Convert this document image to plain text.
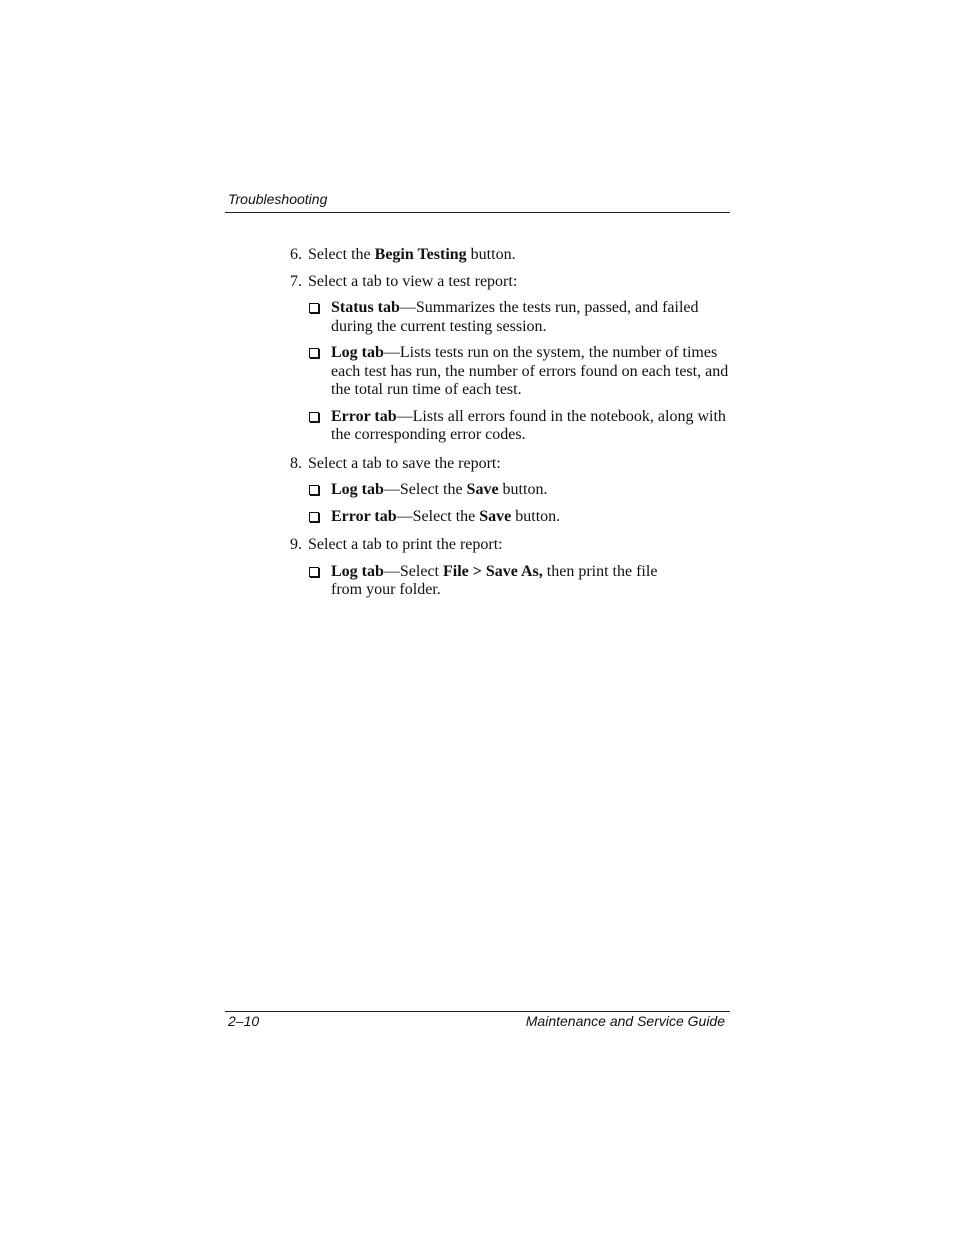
Troubleshooting
6. Select the Begin Testing button.
7. Select a tab to view a test report:
Status tab—Summarizes the tests run, passed, and failed during the current testing session.
Log tab—Lists tests run on the system, the number of times each test has run, the number of errors found on each test, and the total run time of each test.
Error tab—Lists all errors found in the notebook, along with the corresponding error codes.
8. Select a tab to save the report:
Log tab—Select the Save button.
Error tab—Select the Save button.
9. Select a tab to print the report:
Log tab—Select File > Save As, then print the file from your folder.
2–10	Maintenance and Service Guide
